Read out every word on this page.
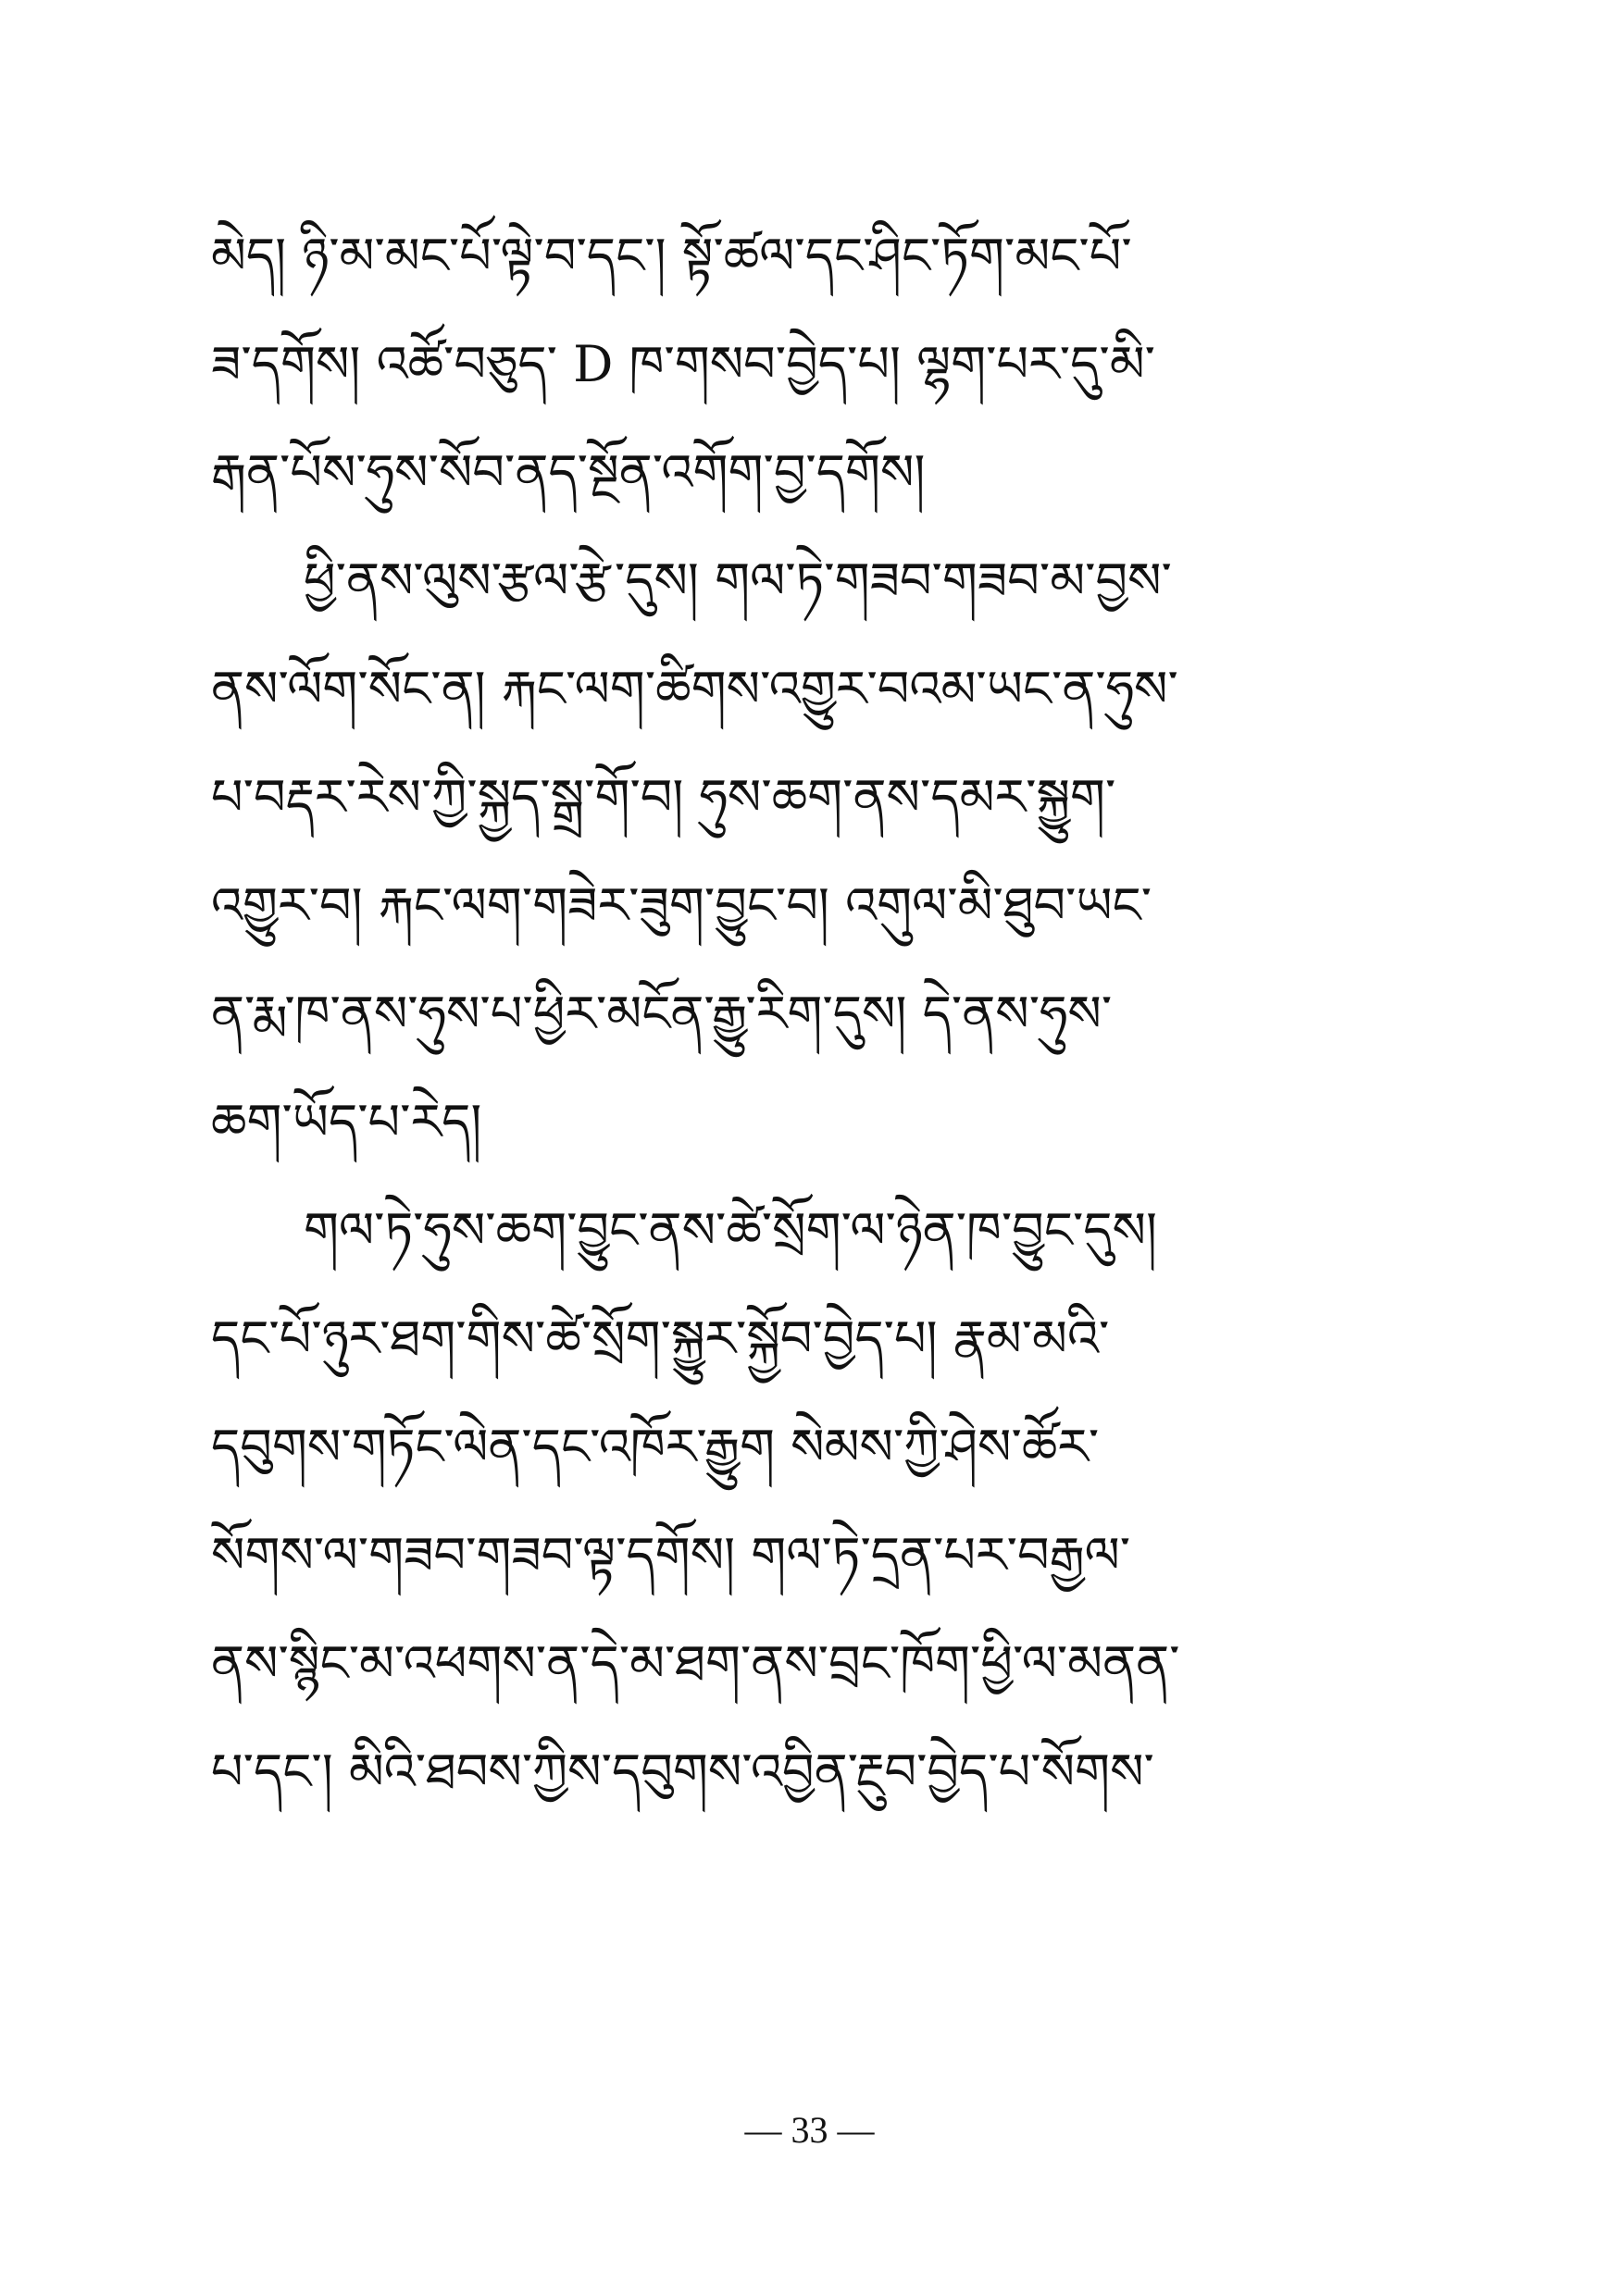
མེད། ཉི་མ་མང་པོ་ལྟེ་བ་དང་། སྟོ་ཚལ་དང་ཤིང་ཏོག་མང་པོ་
ཟ་དགོས། འཚོ་བཅུད་ D ཁ་གསབ་བྱེད་པ། ལྷག་པར་དུ་མི་
རྒན་པོས་ཧུས་སོབ་ནད་སྔོན་འགོག་བྱ་དགོས།
ཕྱི་ནས་ལུས་རྩལ་རྩེ་དུས། གལ་ཏེ་གཟབ་གཟབ་མ་བྱས་
ནས་ལོག་སོང་ན། རྐང་ལག་ཚིགས་འགྱུར་བའམ་ཡང་ན་ཧུས་
པ་བརྡར་རེས་ཀྱི་སྐྱད་སྒྲ་གོ་བ། ཧུས་ཆག་ནས་དམར་སྐྱུག་
འགྱུར་བ། རྐང་ལག་གཟེར་ཟུག་བྱུང་བ། འགུལ་མི་ཐུབ་ཡང་
ན་རྨ་ཁ་ནས་ཧུས་པ་ཕྱིར་མངོན་རྒྱུ་རིག་དུས། དེ་ནས་ཧུས་
ཆག་ཡོད་པ་རེད།
གལ་ཏེ་ཧུས་ཆག་བྱུང་ནས་ཚེ་སྲོག་ལ་ཉེན་ཁ་བྱུང་དུས།
དང་པོ་ཉུར་ཐག་གིས་ཚེ་སྲོག་སྐྱུར་སྐྱོབ་བྱེད་པ། རྣམ་མའི་
དབུགས་གཏོང་ལེན་དང་འཁོར་རྒྱུག སེམས་ཀྱི་ཤེས་ཚོར་
སོགས་ལ་གཟབ་གཟབ་ལྟ་དགོས། གལ་ཏེ་དྲན་པར་བརྒྱལ་
ནས་སྙིང་མ་འཕགས་ན་དེ་མ་ཐག་ནས་བྲང་ཁོག་ཕྱི་ལ་མནན་
པ་དང་། མིའི་ཐབས་ཀྱིས་དབུགས་འབྱིན་རྔུབ་བྱེད་པ་སོགས་
— 33 —
